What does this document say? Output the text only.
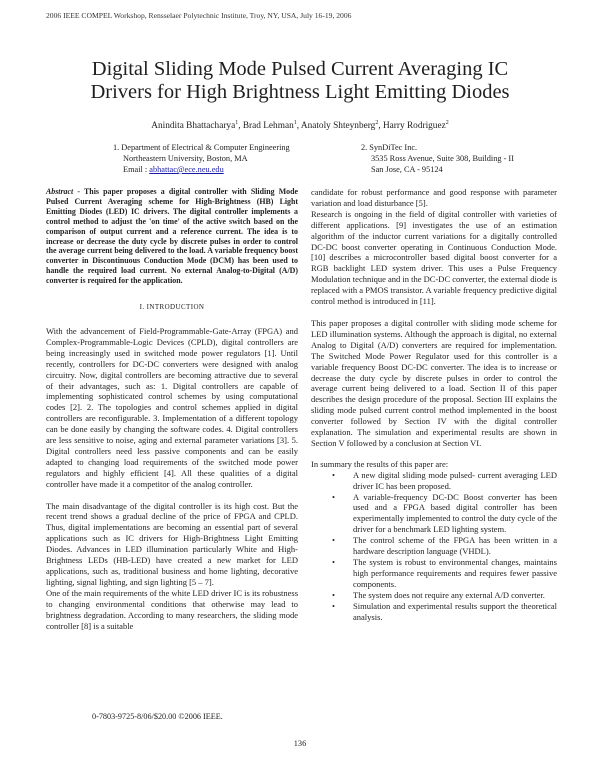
2006 IEEE COMPEL Workshop, Rensselaer Polytechnic Institute, Troy, NY, USA, July 16-19, 2006
Digital Sliding Mode Pulsed Current Averaging IC
Drivers for High Brightness Light Emitting Diodes
Anindita Bhattacharya$^1$, Brad Lehman$^1$, Anatoly Shteynberg$^2$, Harry Rodriguez$^2$
1. Department of Electrical & Computer Engineering
Northeastern University, Boston, MA
Email : abhattac@ece.neu.edu
2. SynDiTec Inc.
3535 Ross Avenue, Suite 308, Building - II
San Jose, CA - 95124

Abstract - This paper proposes a digital controller with Sliding Mode Pulsed Current Averaging scheme for High-Brightness (HB) Light Emitting Diodes (LED) IC drivers. The digital controller implements a control method to adjust the 'on time' of the active switch based on the comparison of output current and a reference current. The idea is to increase or decrease the duty cycle by discrete pulses in order to control the average current being delivered to the load. A variable frequency boost converter in Discontinuous Conduction Mode (DCM) has been used to handle the required load current. No external Analog-to-Digital (A/D) converter is required for the application.

I. INTRODUCTION

With the advancement of Field-Programmable-Gate-Array (FPGA) and Complex-Programmable-Logic Devices (CPLD), digital controllers are being increasingly used in switched mode power regulators [1]. Until recently, controllers for DC-DC converters were designed with analog circuitry. Now, digital controllers are becoming attractive due to several of their advantages, such as: 1. Digital controllers are capable of implementing sophisticated control schemes by using computational codes [2]. 2. The topologies and control schemes applied in digital controllers are reconfigurable. 3. Implementation of a different topology can be done easily by changing the software codes. 4. Digital controllers are less sensitive to noise, aging and external parameter variations [3]. 5. Digital controllers need less passive components and can be easily adapted to changing load requirements of the switched mode power regulators and highly efficient [4]. All these qualities of a digital controller have made it a competitor of the analog controller.

The main disadvantage of the digital controller is its high cost. But the recent trend shows a gradual decline of the price of FPGA and CPLD. Thus, digital implementations are becoming an essential part of several applications such as IC drivers for High-Brightness Light Emitting Diodes. Advances in LED illumination particularly White and High-Brightness LEDs (HB-LED) have created a new market for LED applications, such as, traditional business and home lighting, decorative lighting, signal lighting, and sign lighting [5 – 7].

One of the main requirements of the white LED driver IC is its robustness to changing environmental conditions that otherwise may lead to brightness degradation. According to many researchers, the sliding mode controller [8] is a suitable

candidate for robust performance and good response with parameter variation and load disturbance [5].

Research is ongoing in the field of digital controller with varieties of different applications. [9] investigates the use of an estimation algorithm of the inductor current variations for a digitally controlled DC-DC boost converter operating in Continuous Conduction Mode. [10] describes a microcontroller based digital boost converter for a RGB backlight LED system driver. This uses a Pulse Frequency Modulation technique and in the DC-DC converter, the external diode is replaced with a PMOS transistor. A variable frequency predictive digital control method is introduced in [11].

This paper proposes a digital controller with sliding mode scheme for LED illumination systems. Although the approach is digital, no external Analog to Digital (A/D) converters are required for implementation. The Switched Mode Power Regulator used for this controller is a variable frequency Boost DC-DC converter. The idea is to increase or decrease the duty cycle by discrete pulses in order to control the average current being delivered to a load. Section II of this paper describes the design procedure of the proposal. Section III explains the sliding mode pulsed current control method implemented in the boost converter followed by Section IV with the digital controller explanation. The simulation and experimental results are shown in Section V followed by a conclusion at Section VI.

In summary the results of this paper are:

• A new digital sliding mode pulsed- current averaging LED driver IC has been proposed.
• A variable-frequency DC-DC Boost converter has been used and a FPGA based digital controller has been experimentally implemented to control the duty cycle of the driver for a benchmark LED lighting system.
• The control scheme of the FPGA has been written in a hardware description language (VHDL).
• The system is robust to environmental changes, maintains high performance requirements and requires fewer passive components.
• The system does not require any external A/D converter.
• Simulation and experimental results support the theoretical analysis.
0-7803-9725-8/06/$20.00 ©2006 IEEE.
136
